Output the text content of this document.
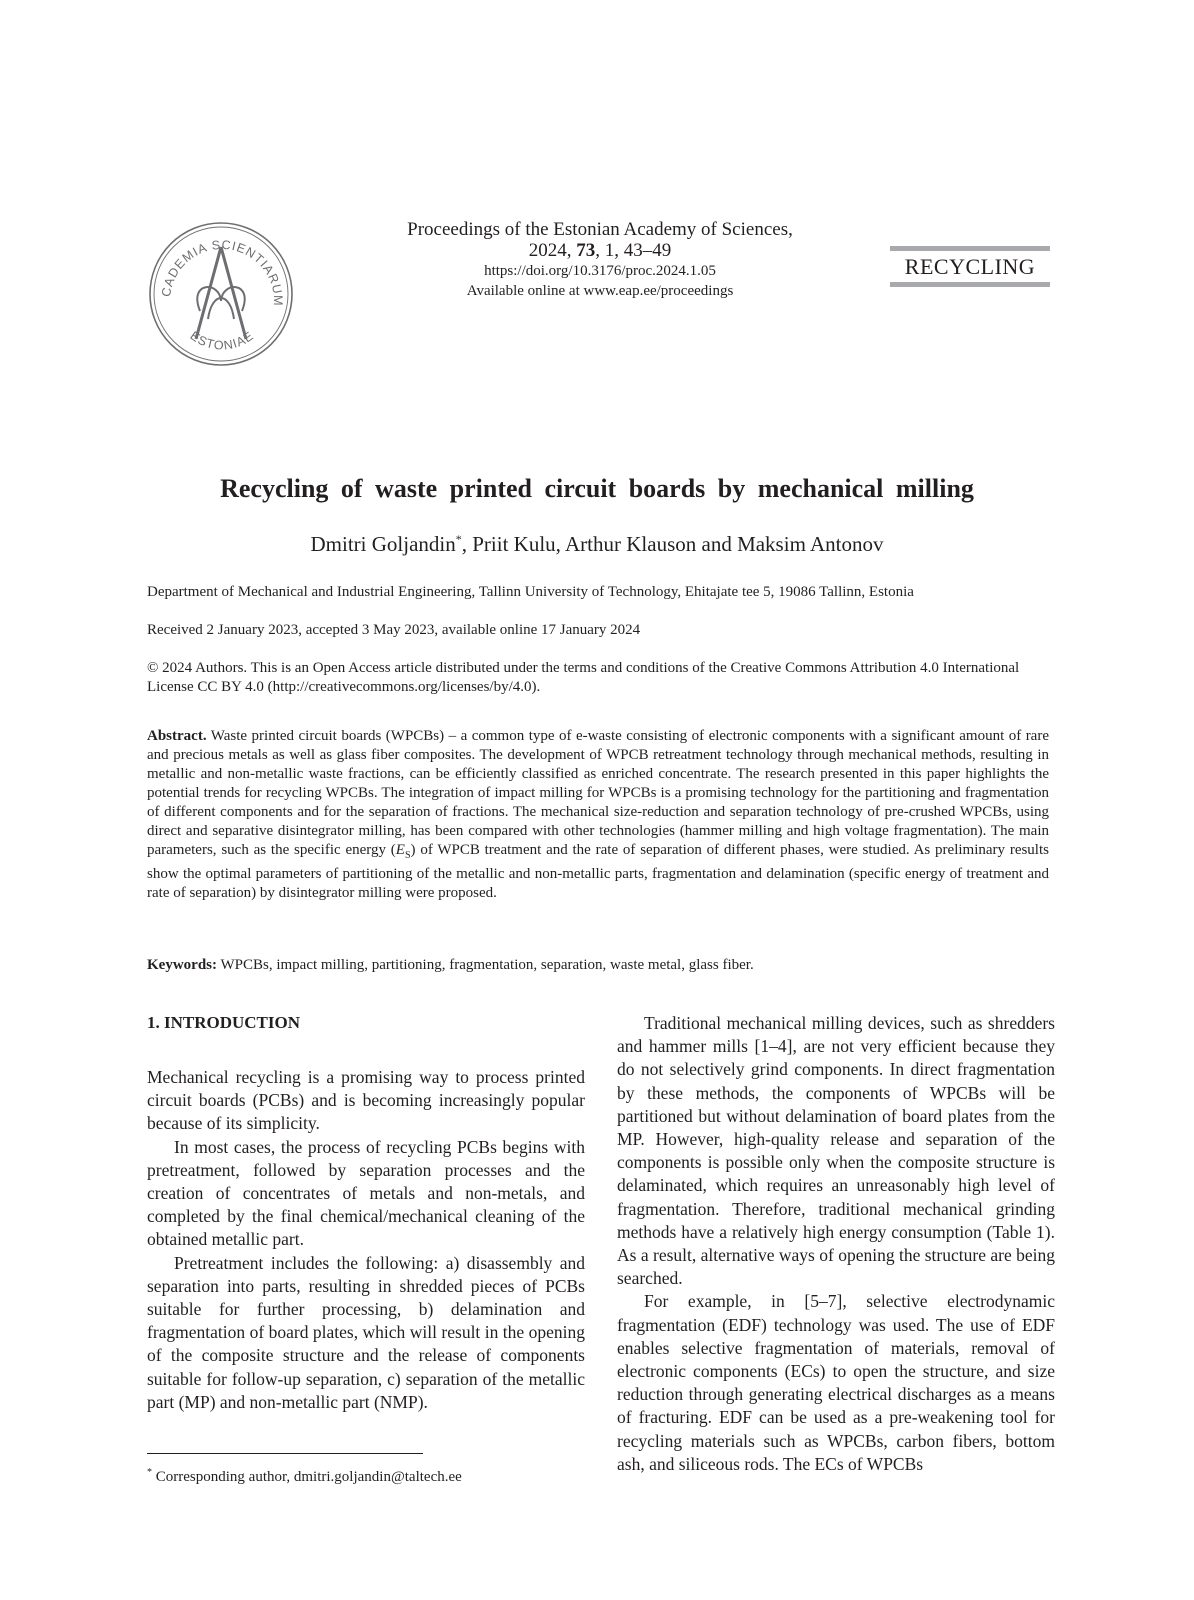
CADEMIA SCIENTIARUM
ESTONIAE
Proceedings of the Estonian Academy of Sciences,
2024, 73, 1, 43–49
https://doi.org/10.3176/proc.2024.1.05
Available online at www.eap.ee/proceedings
RECYCLING
Recycling of waste printed circuit boards by mechanical milling
Dmitri Goljandin*, Priit Kulu, Arthur Klauson and Maksim Antonov
Department of Mechanical and Industrial Engineering, Tallinn University of Technology, Ehitajate tee 5, 19086 Tallinn, Estonia
Received 2 January 2023, accepted 3 May 2023, available online 17 January 2024
© 2024 Authors. This is an Open Access article distributed under the terms and conditions of the Creative Commons Attribution 4.0 International License CC BY 4.0 (http://creativecommons.org/licenses/by/4.0).
Abstract. Waste printed circuit boards (WPCBs) – a common type of e-waste consisting of electronic components with a significant amount of rare and precious metals as well as glass fiber composites. The development of WPCB retreatment technology through mechanical methods, resulting in metallic and non-metallic waste fractions, can be efficiently classified as enriched concentrate. The research presented in this paper highlights the potential trends for recycling WPCBs. The integration of impact milling for WPCBs is a promising technology for the partitioning and fragmentation of different components and for the separation of fractions. The mechanical size-reduction and separation technology of pre-crushed WPCBs, using direct and separative disintegrator milling, has been compared with other technologies (hammer milling and high voltage fragmentation). The main parameters, such as the specific energy $(E_S)$ of WPCB treatment and the rate of separation of different phases, were studied. As preliminary results show the optimal parameters of partitioning of the metallic and non-metallic parts, fragmentation and delamination (specific energy of treatment and rate of separation) by disintegrator milling were proposed.
Keywords: WPCBs, impact milling, partitioning, fragmentation, separation, waste metal, glass fiber.
1. INTRODUCTION

Mechanical recycling is a promising way to process printed circuit boards (PCBs) and is becoming increasingly popular because of its simplicity.

In most cases, the process of recycling PCBs begins with pretreatment, followed by separation processes and the creation of concentrates of metals and non-metals, and completed by the final chemical/mechanical cleaning of the obtained metallic part.

Pretreatment includes the following: a) disassembly and separation into parts, resulting in shredded pieces of PCBs suitable for further processing, b) delamination and fragmentation of board plates, which will result in the opening of the composite structure and the release of components suitable for follow-up separation, c) separation of the metallic part (MP) and non-metallic part (NMP).

Traditional mechanical milling devices, such as shredders and hammer mills [1–4], are not very efficient because they do not selectively grind components. In direct fragmentation by these methods, the components of WPCBs will be partitioned but without delamination of board plates from the MP. However, high-quality release and separation of the components is possible only when the composite structure is delaminated, which requires an unreasonably high level of fragmentation. Therefore, traditional mechanical grinding methods have a relatively high energy consumption (Table 1). As a result, alternative ways of opening the structure are being searched.

For example, in [5–7], selective electrodynamic fragmentation (EDF) technology was used. The use of EDF enables selective fragmentation of materials, removal of electronic components (ECs) to open the structure, and size reduction through generating electrical discharges as a means of fracturing. EDF can be used as a pre-weakening tool for recycling materials such as WPCBs, carbon fibers, bottom ash, and siliceous rods. The ECs of WPCBs

* Corresponding author, dmitri.goljandin@taltech.ee
